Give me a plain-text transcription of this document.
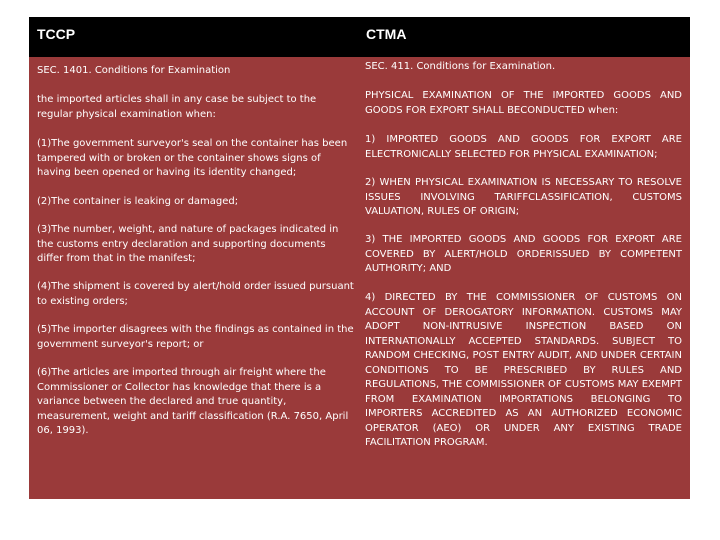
TCCP	CTMA

SEC. 1401. Conditions for Examination

the imported articles shall in any case be subject to the regular physical examination when:

(1)The government surveyor's seal on the container has been tampered with or broken or the container shows signs of having been opened or having its identity changed;

(2)The container is leaking or damaged;

(3)The number, weight, and nature of packages indicated in the customs entry declaration and supporting documents differ from that in the manifest;

(4)The shipment is covered by alert/hold order issued pursuant to existing orders;

(5)The importer disagrees with the findings as contained in the government surveyor's report; or

(6)The articles are imported through air freight where the Commissioner or Collector has knowledge that there is a variance between the declared and true quantity, measurement, weight and tariff classification (R.A. 7650, April 06, 1993).

SEC. 411. Conditions for Examination.

PHYSICAL EXAMINATION OF THE IMPORTED GOODS AND GOODS FOR EXPORT SHALL BECONDUCTED when:

1) IMPORTED GOODS AND GOODS FOR EXPORT ARE ELECTRONICALLY SELECTED FOR PHYSICAL EXAMINATION;

2) WHEN PHYSICAL EXAMINATION IS NECESSARY TO RESOLVE ISSUES INVOLVING TARIFFCLASSIFICATION, CUSTOMS VALUATION, RULES OF ORIGIN;

3) THE IMPORTED GOODS AND GOODS FOR EXPORT ARE COVERED BY ALERT/HOLD ORDERISSUED BY COMPETENT AUTHORITY; AND

4) DIRECTED BY THE COMMISSIONER OF CUSTOMS ON ACCOUNT OF DEROGATORY INFORMATION. CUSTOMS MAY ADOPT NON-INTRUSIVE INSPECTION BASED ON INTERNATIONALLY ACCEPTED STANDARDS. SUBJECT TO RANDOM CHECKING, POST ENTRY AUDIT, AND UNDER CERTAIN CONDITIONS TO BE PRESCRIBED BY RULES AND REGULATIONS, THE COMMISSIONER OF CUSTOMS MAY EXEMPT FROM EXAMINATION IMPORTATIONS BELONGING TO IMPORTERS ACCREDITED AS AN AUTHORIZED ECONOMIC OPERATOR (AEO) OR UNDER ANY EXISTING TRADE FACILITATION PROGRAM.
